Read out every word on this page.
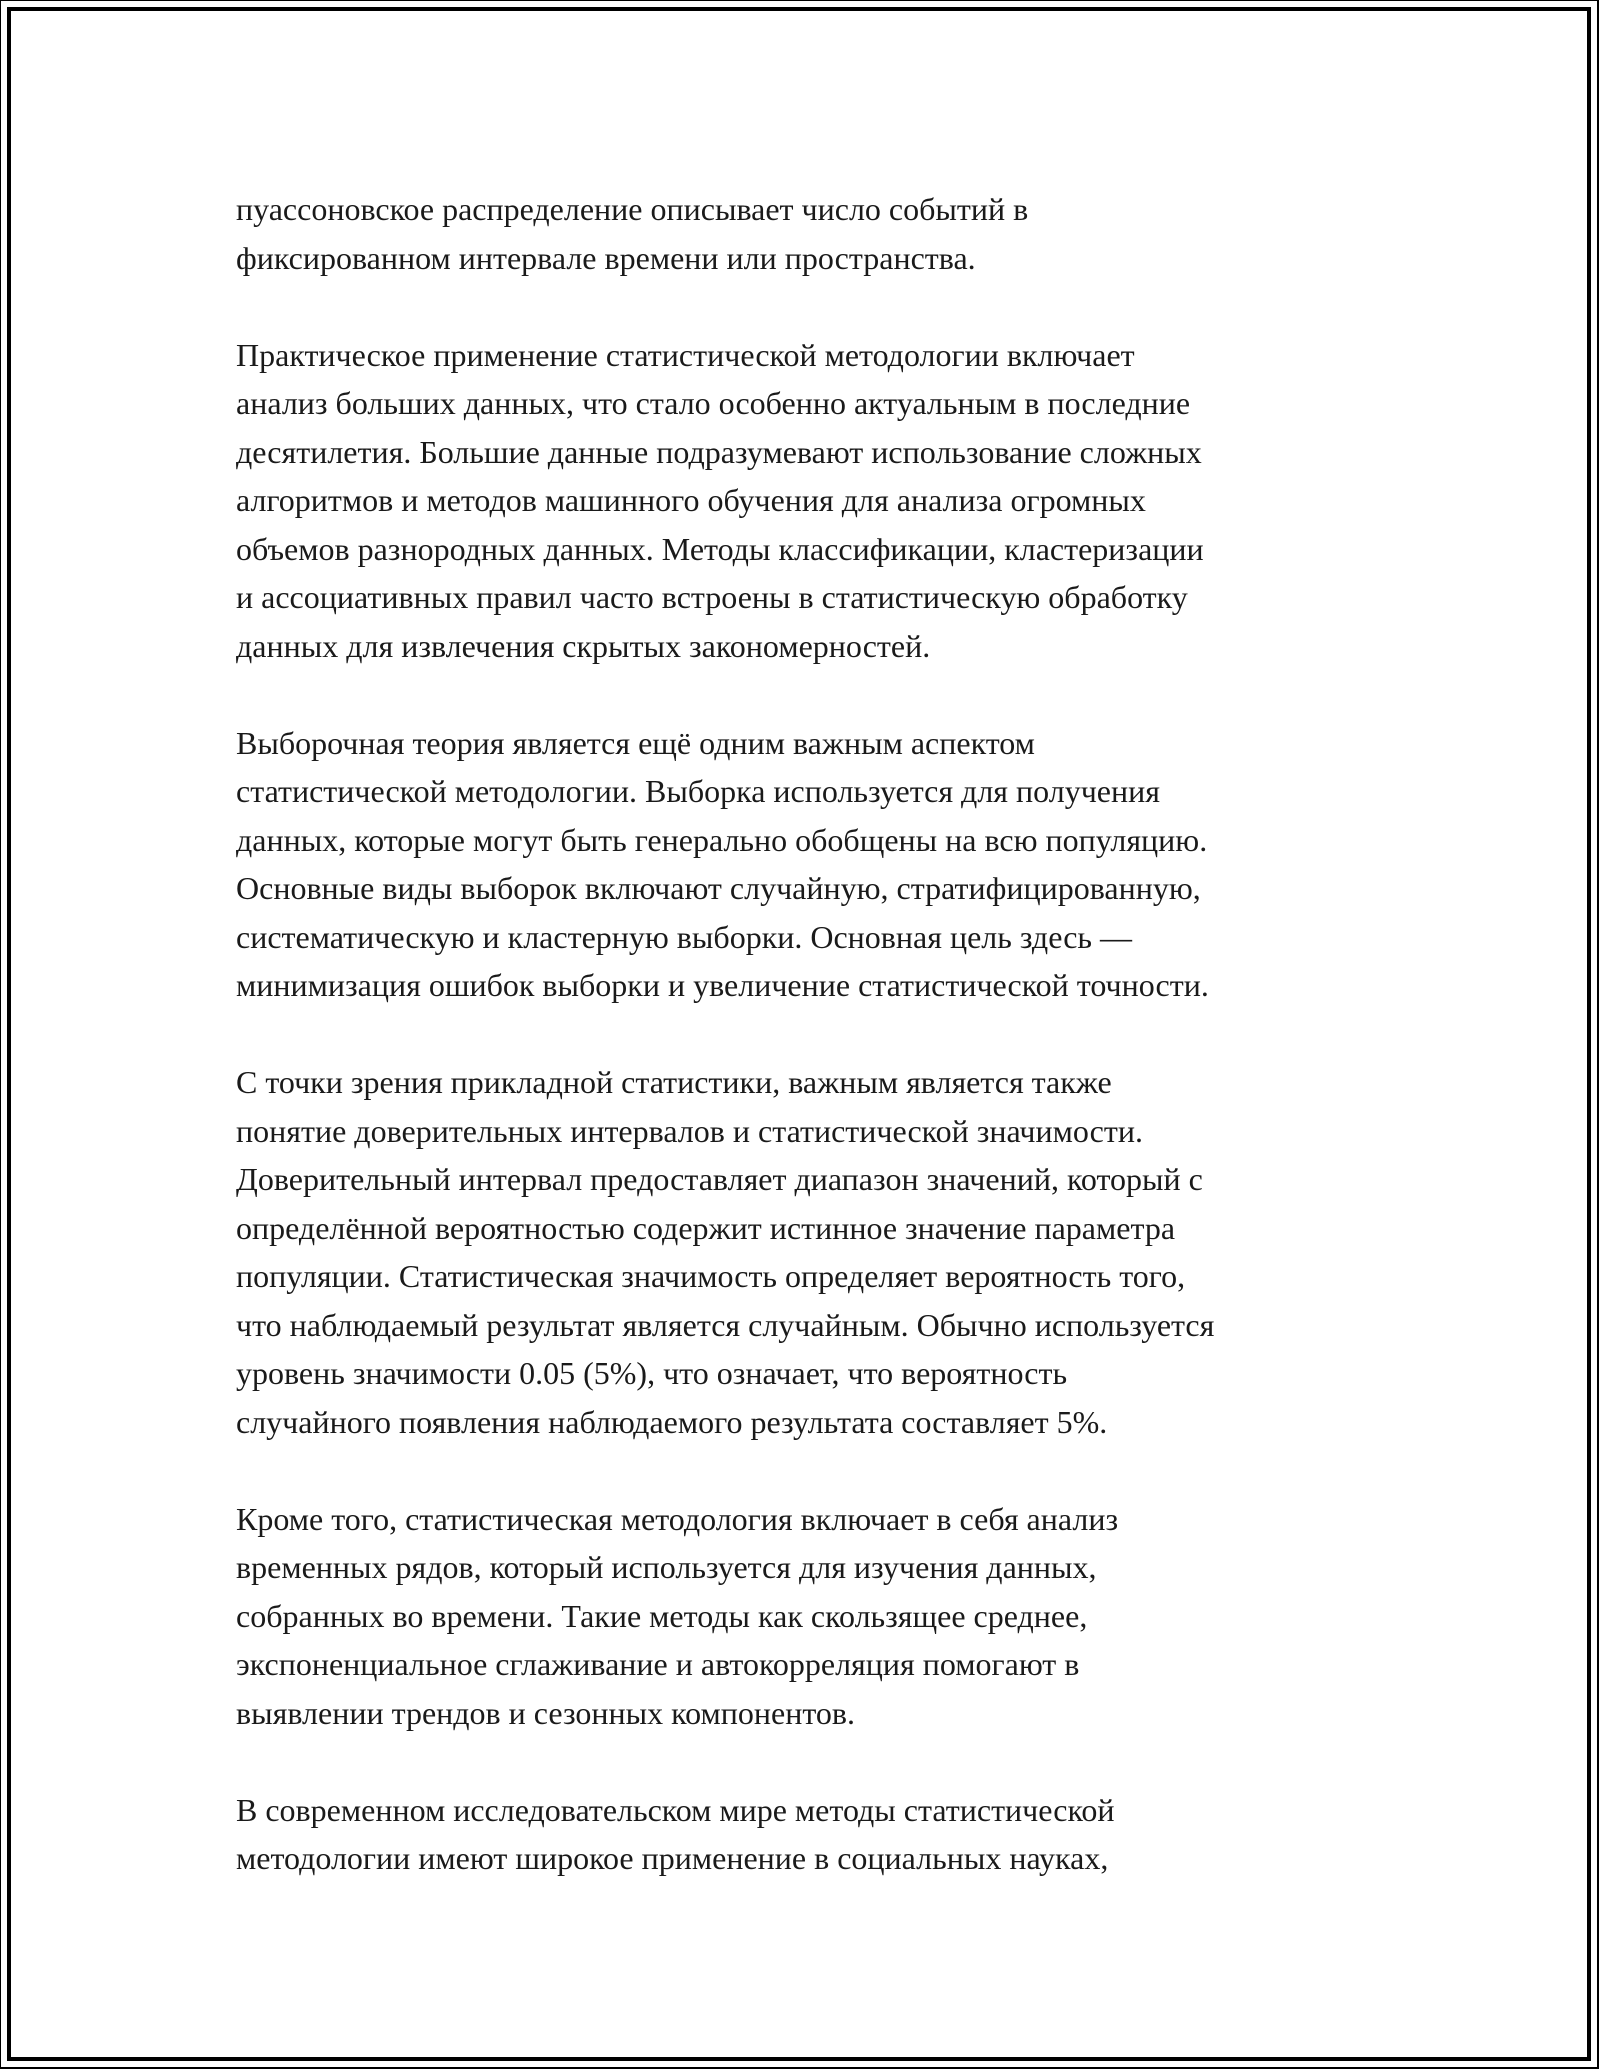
пуассоновское распределение описывает число событий в
фиксированном интервале времени или пространства.

Практическое применение статистической методологии включает
анализ больших данных, что стало особенно актуальным в последние
десятилетия. Большие данные подразумевают использование сложных
алгоритмов и методов машинного обучения для анализа огромных
объемов разнородных данных. Методы классификации, кластеризации
и ассоциативных правил часто встроены в статистическую обработку
данных для извлечения скрытых закономерностей.

Выборочная теория является ещё одним важным аспектом
статистической методологии. Выборка используется для получения
данных, которые могут быть генерально обобщены на всю популяцию.
Основные виды выборок включают случайную, стратифицированную,
систематическую и кластерную выборки. Основная цель здесь —
минимизация ошибок выборки и увеличение статистической точности.

С точки зрения прикладной статистики, важным является также
понятие доверительных интервалов и статистической значимости.
Доверительный интервал предоставляет диапазон значений, который с
определённой вероятностью содержит истинное значение параметра
популяции. Статистическая значимость определяет вероятность того,
что наблюдаемый результат является случайным. Обычно используется
уровень значимости 0.05 (5%), что означает, что вероятность
случайного появления наблюдаемого результата составляет 5%.

Кроме того, статистическая методология включает в себя анализ
временных рядов, который используется для изучения данных,
собранных во времени. Такие методы как скользящее среднее,
экспоненциальное сглаживание и автокорреляция помогают в
выявлении трендов и сезонных компонентов.

В современном исследовательском мире методы статистической
методологии имеют широкое применение в социальных науках,
